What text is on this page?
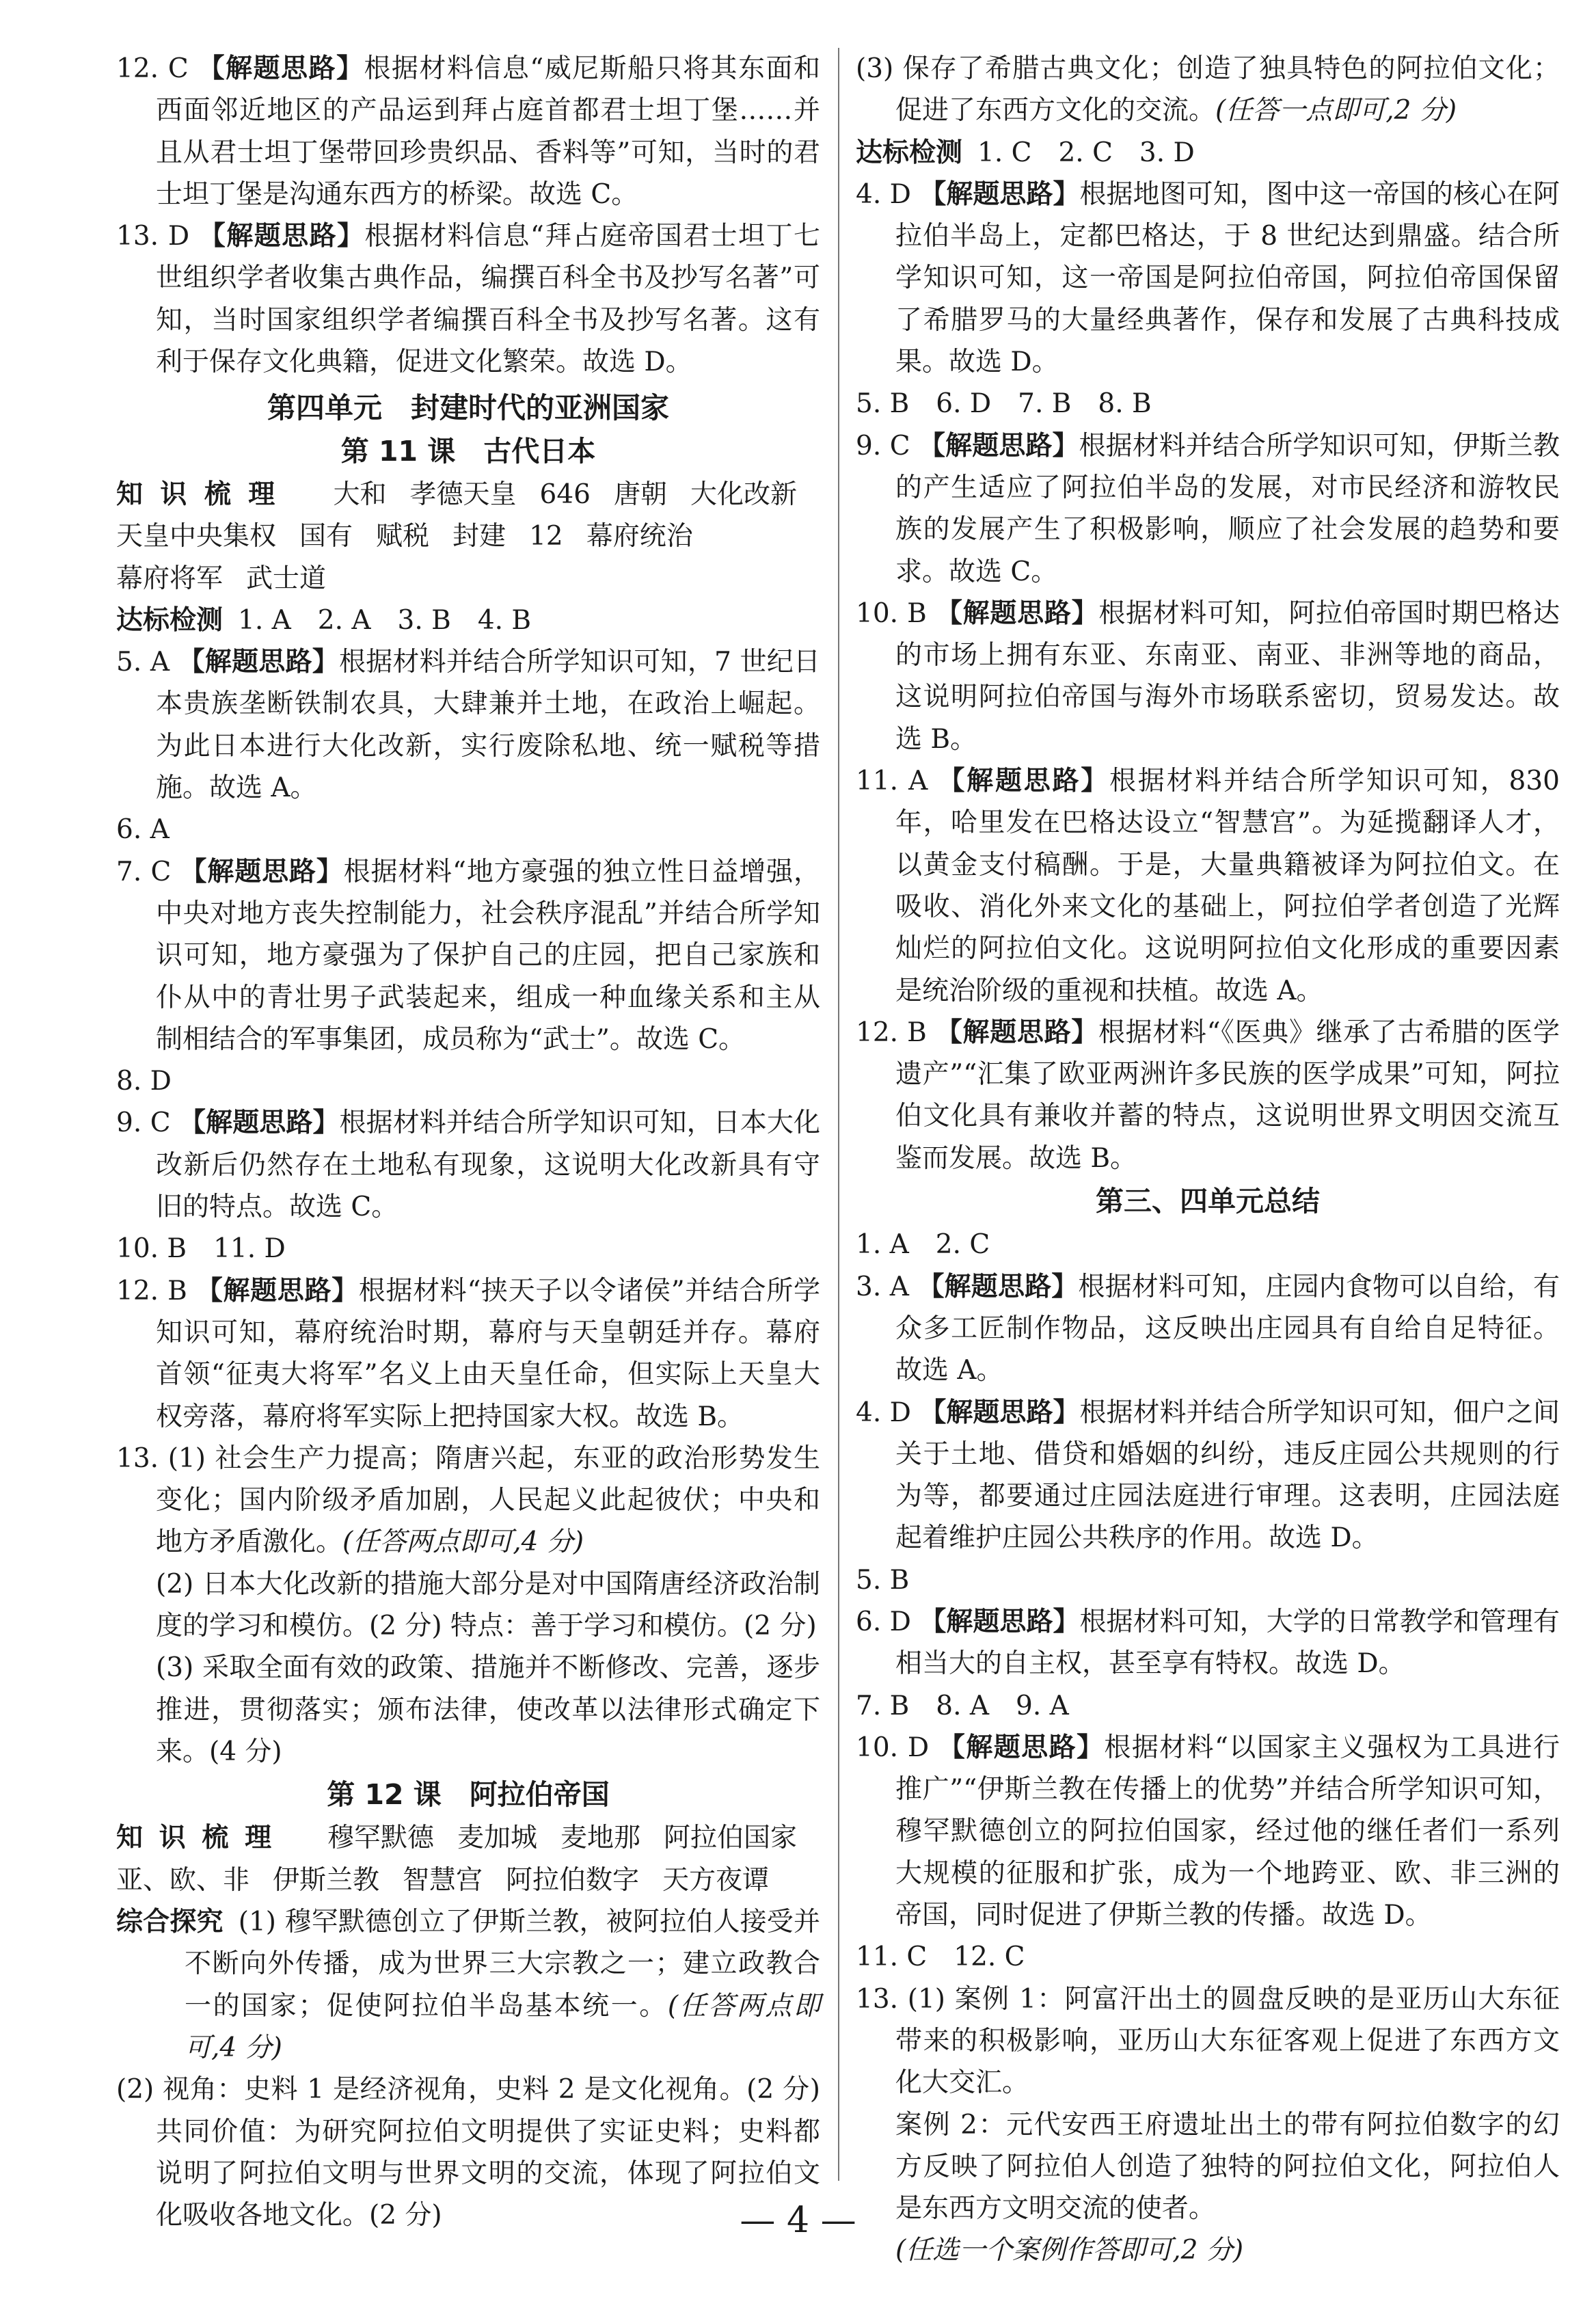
12. C 【解题思路】根据材料信息“威尼斯船只将其东面和西面邻近地区的产品运到拜占庭首都君士坦丁堡……并且从君士坦丁堡带回珍贵织品、香料等”可知，当时的君士坦丁堡是沟通东西方的桥梁。故选 C。

13. D 【解题思路】根据材料信息“拜占庭帝国君士坦丁七世组织学者收集古典作品，编撰百科全书及抄写名著”可知，当时国家组织学者编撰百科全书及抄写名著。这有利于保存文化典籍，促进文化繁荣。故选 D。

第四单元　封建时代的亚洲国家
第 11 课　古代日本

知识梳理 大和 孝德天皇 646 唐朝 大化改新天皇中央集权 国有 赋税 封建 12 幕府统治幕府将军 武士道

达标检测 1. A　2. A　3. B　4. B

5. A 【解题思路】根据材料并结合所学知识可知，7 世纪日本贵族垄断铁制农具，大肆兼并土地，在政治上崛起。为此日本进行大化改新，实行废除私地、统一赋税等措施。故选 A。

6. A

7. C 【解题思路】根据材料“地方豪强的独立性日益增强，中央对地方丧失控制能力，社会秩序混乱”并结合所学知识可知，地方豪强为了保护自己的庄园，把自己家族和仆从中的青壮男子武装起来，组成一种血缘关系和主从制相结合的军事集团，成员称为“武士”。故选 C。

8. D

9. C 【解题思路】根据材料并结合所学知识可知，日本大化改新后仍然存在土地私有现象，这说明大化改新具有守旧的特点。故选 C。

10. B　11. D

12. B 【解题思路】根据材料“挟天子以令诸侯”并结合所学知识可知，幕府统治时期，幕府与天皇朝廷并存。幕府首领“征夷大将军”名义上由天皇任命，但实际上天皇大权旁落，幕府将军实际上把持国家大权。故选 B。

13. (1) 社会生产力提高；隋唐兴起，东亚的政治形势发生变化；国内阶级矛盾加剧，人民起义此起彼伏；中央和地方矛盾激化。(任答两点即可,4 分)

(2) 日本大化改新的措施大部分是对中国隋唐经济政治制度的学习和模仿。(2 分) 特点：善于学习和模仿。(2 分)

(3) 采取全面有效的政策、措施并不断修改、完善，逐步推进，贯彻落实；颁布法律，使改革以法律形式确定下来。(4 分)

第 12 课　阿拉伯帝国

知识梳理 穆罕默德 麦加城 麦地那 阿拉伯国家亚、欧、非 伊斯兰教 智慧宫 阿拉伯数字 天方夜谭

综合探究 (1) 穆罕默德创立了伊斯兰教，被阿拉伯人接受并不断向外传播，成为世界三大宗教之一；建立政教合一的国家；促使阿拉伯半岛基本统一。(任答两点即可,4 分)

(2) 视角：史料 1 是经济视角，史料 2 是文化视角。(2 分) 共同价值：为研究阿拉伯文明提供了实证史料；史料都说明了阿拉伯文明与世界文明的交流，体现了阿拉伯文化吸收各地文化。(2 分)

(3) 保存了希腊古典文化；创造了独具特色的阿拉伯文化；促进了东西方文化的交流。(任答一点即可,2 分)

达标检测 1. C　2. C　3. D

4. D 【解题思路】根据地图可知，图中这一帝国的核心在阿拉伯半岛上，定都巴格达，于 8 世纪达到鼎盛。结合所学知识可知，这一帝国是阿拉伯帝国，阿拉伯帝国保留了希腊罗马的大量经典著作，保存和发展了古典科技成果。故选 D。

5. B　6. D　7. B　8. B

9. C 【解题思路】根据材料并结合所学知识可知，伊斯兰教的产生适应了阿拉伯半岛的发展，对市民经济和游牧民族的发展产生了积极影响，顺应了社会发展的趋势和要求。故选 C。

10. B 【解题思路】根据材料可知，阿拉伯帝国时期巴格达的市场上拥有东亚、东南亚、南亚、非洲等地的商品，这说明阿拉伯帝国与海外市场联系密切，贸易发达。故选 B。

11. A 【解题思路】根据材料并结合所学知识可知，830 年，哈里发在巴格达设立“智慧宫”。为延揽翻译人才，以黄金支付稿酬。于是，大量典籍被译为阿拉伯文。在吸收、消化外来文化的基础上，阿拉伯学者创造了光辉灿烂的阿拉伯文化。这说明阿拉伯文化形成的重要因素是统治阶级的重视和扶植。故选 A。

12. B 【解题思路】根据材料“《医典》继承了古希腊的医学遗产”“汇集了欧亚两洲许多民族的医学成果”可知，阿拉伯文化具有兼收并蓄的特点，这说明世界文明因交流互鉴而发展。故选 B。

第三、四单元总结

1. A　2. C

3. A 【解题思路】根据材料可知，庄园内食物可以自给，有众多工匠制作物品，这反映出庄园具有自给自足特征。故选 A。

4. D 【解题思路】根据材料并结合所学知识可知，佃户之间关于土地、借贷和婚姻的纠纷，违反庄园公共规则的行为等，都要通过庄园法庭进行审理。这表明，庄园法庭起着维护庄园公共秩序的作用。故选 D。

5. B

6. D 【解题思路】根据材料可知，大学的日常教学和管理有相当大的自主权，甚至享有特权。故选 D。

7. B　8. A　9. A

10. D 【解题思路】根据材料“以国家主义强权为工具进行推广”“伊斯兰教在传播上的优势”并结合所学知识可知，穆罕默德创立的阿拉伯国家，经过他的继任者们一系列大规模的征服和扩张，成为一个地跨亚、欧、非三洲的帝国，同时促进了伊斯兰教的传播。故选 D。

11. C　12. C

13. (1) 案例 1：阿富汗出土的圆盘反映的是亚历山大东征带来的积极影响，亚历山大东征客观上促进了东西方文化大交汇。

案例 2：元代安西王府遗址出土的带有阿拉伯数字的幻方反映了阿拉伯人创造了独特的阿拉伯文化，阿拉伯人是东西方文明交流的使者。

(任选一个案例作答即可,2 分)

— 4 —
